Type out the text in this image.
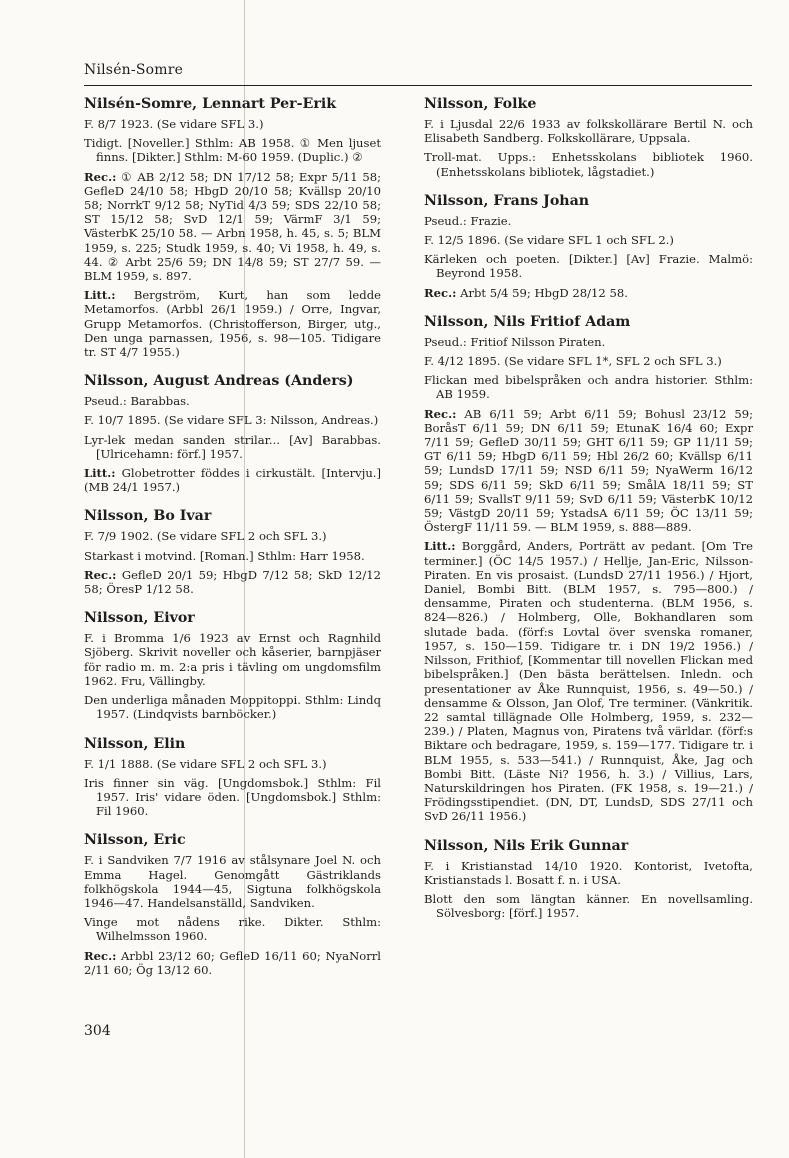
Nilsén-Somre
Nilsén-Somre, Lennart Per-Erik

F. 8/7 1923. (Se vidare SFL 3.)

Tidigt. [Noveller.] Sthlm: AB 1958. ① Men ljuset finns. [Dikter.] Sthlm: M-60 1959. (Duplic.) ②

Rec.: ① AB 2/12 58; DN 17/12 58; Expr 5/11 58; GefleD 24/10 58; HbgD 20/10 58; Kvällsp 20/10 58; NorrkT 9/12 58; NyTid 4/3 59; SDS 22/10 58; ST 15/12 58; SvD 12/1 59; VärmF 3/1 59; VästerbK 25/10 58. — Arbn 1958, h. 45, s. 5; BLM 1959, s. 225; Studk 1959, s. 40; Vi 1958, h. 49, s. 44. ② Arbt 25/6 59; DN 14/8 59; ST 27/7 59. — BLM 1959, s. 897.

Litt.: Bergström, Kurt, han som ledde Metamorfos. (Arbbl 26/1 1959.) / Orre, Ingvar, Grupp Metamorfos. (Christofferson, Birger, utg., Den unga parnassen, 1956, s. 98—105. Tidigare tr. ST 4/7 1955.)

Nilsson, August Andreas (Anders)

Pseud.: Barabbas.

F. 10/7 1895. (Se vidare SFL 3: Nilsson, Andreas.)

Lyr-lek medan sanden strilar... [Av] Barabbas. [Ulricehamn: förf.] 1957.

Litt.: Globetrotter föddes i cirkustält. [Intervju.] (MB 24/1 1957.)

Nilsson, Bo Ivar

F. 7/9 1902. (Se vidare SFL 2 och SFL 3.)

Starkast i motvind. [Roman.] Sthlm: Harr 1958.

Rec.: GefleD 20/1 59; HbgD 7/12 58; SkD 12/12 58; ÖresP 1/12 58.

Nilsson, Eivor

F. i Bromma 1/6 1923 av Ernst och Ragnhild Sjöberg. Skrivit noveller och kåserier, barnpjäser för radio m. m. 2:a pris i tävling om ungdomsfilm 1962. Fru, Vällingby.

Den underliga månaden Moppitoppi. Sthlm: Lindq 1957. (Lindqvists barnböcker.)

Nilsson, Elin

F. 1/1 1888. (Se vidare SFL 2 och SFL 3.)

Iris finner sin väg. [Ungdomsbok.] Sthlm: Fil 1957. Iris' vidare öden. [Ungdomsbok.] Sthlm: Fil 1960.

Nilsson, Eric

F. i Sandviken 7/7 1916 av stålsynare Joel N. och Emma Hagel. Genomgått Gästriklands folkhögskola 1944—45, Sigtuna folkhögskola 1946—47. Handelsanställd, Sandviken.

Vinge mot nådens rike. Dikter. Sthlm: Wilhelmsson 1960.

Rec.: Arbbl 23/12 60; GefleD 16/11 60; NyaNorrl 2/11 60; Ög 13/12 60.

Nilsson, Folke

F. i Ljusdal 22/6 1933 av folkskollärare Bertil N. och Elisabeth Sandberg. Folkskollärare, Uppsala.

Troll-mat. Upps.: Enhetsskolans bibliotek 1960. (Enhetsskolans bibliotek, lågstadiet.)

Nilsson, Frans Johan

Pseud.: Frazie.

F. 12/5 1896. (Se vidare SFL 1 och SFL 2.)

Kärleken och poeten. [Dikter.] [Av] Frazie. Malmö: Beyrond 1958.

Rec.: Arbt 5/4 59; HbgD 28/12 58.

Nilsson, Nils Fritiof Adam

Pseud.: Fritiof Nilsson Piraten.

F. 4/12 1895. (Se vidare SFL 1*, SFL 2 och SFL 3.)

Flickan med bibelspråken och andra historier. Sthlm: AB 1959.

Rec.: AB 6/11 59; Arbt 6/11 59; Bohusl 23/12 59; BoråsT 6/11 59; DN 6/11 59; EtunaK 16/4 60; Expr 7/11 59; GefleD 30/11 59; GHT 6/11 59; GP 11/11 59; GT 6/11 59; HbgD 6/11 59; Hbl 26/2 60; Kvällsp 6/11 59; LundsD 17/11 59; NSD 6/11 59; NyaWerm 16/12 59; SDS 6/11 59; SkD 6/11 59; SmålA 18/11 59; ST 6/11 59; SvallsT 9/11 59; SvD 6/11 59; VästerbK 10/12 59; VästgD 20/11 59; YstadsA 6/11 59; ÖC 13/11 59; ÖstergF 11/11 59. — BLM 1959, s. 888—889.

Litt.: Borggård, Anders, Porträtt av pedant. [Om Tre terminer.] (ÖC 14/5 1957.) / Hellje, Jan-Eric, Nilsson-Piraten. En vis prosaist. (LundsD 27/11 1956.) / Hjort, Daniel, Bombi Bitt. (BLM 1957, s. 795—800.) / densamme, Piraten och studenterna. (BLM 1956, s. 824—826.) / Holmberg, Olle, Bokhandlaren som slutade bada. (förf:s Lovtal över svenska romaner, 1957, s. 150—159. Tidigare tr. i DN 19/2 1956.) / Nilsson, Frithiof, [Kommentar till novellen Flickan med bibelspråken.] (Den bästa berättelsen. Inledn. och presentationer av Åke Runnquist, 1956, s. 49—50.) / densamme & Olsson, Jan Olof, Tre terminer. (Vänkritik. 22 samtal tillägnade Olle Holmberg, 1959, s. 232—239.) / Platen, Magnus von, Piratens två världar. (förf:s Biktare och bedragare, 1959, s. 159—177. Tidigare tr. i BLM 1955, s. 533—541.) / Runnquist, Åke, Jag och Bombi Bitt. (Läste Ni? 1956, h. 3.) / Villius, Lars, Naturskildringen hos Piraten. (FK 1958, s. 19—21.) / Frödingsstipendiet. (DN, DT, LundsD, SDS 27/11 och SvD 26/11 1956.)

Nilsson, Nils Erik Gunnar

F. i Kristianstad 14/10 1920. Kontorist, Ivetofta, Kristianstads l. Bosatt f. n. i USA.

Blott den som längtan känner. En novellsamling. Sölvesborg: [förf.] 1957.

304
